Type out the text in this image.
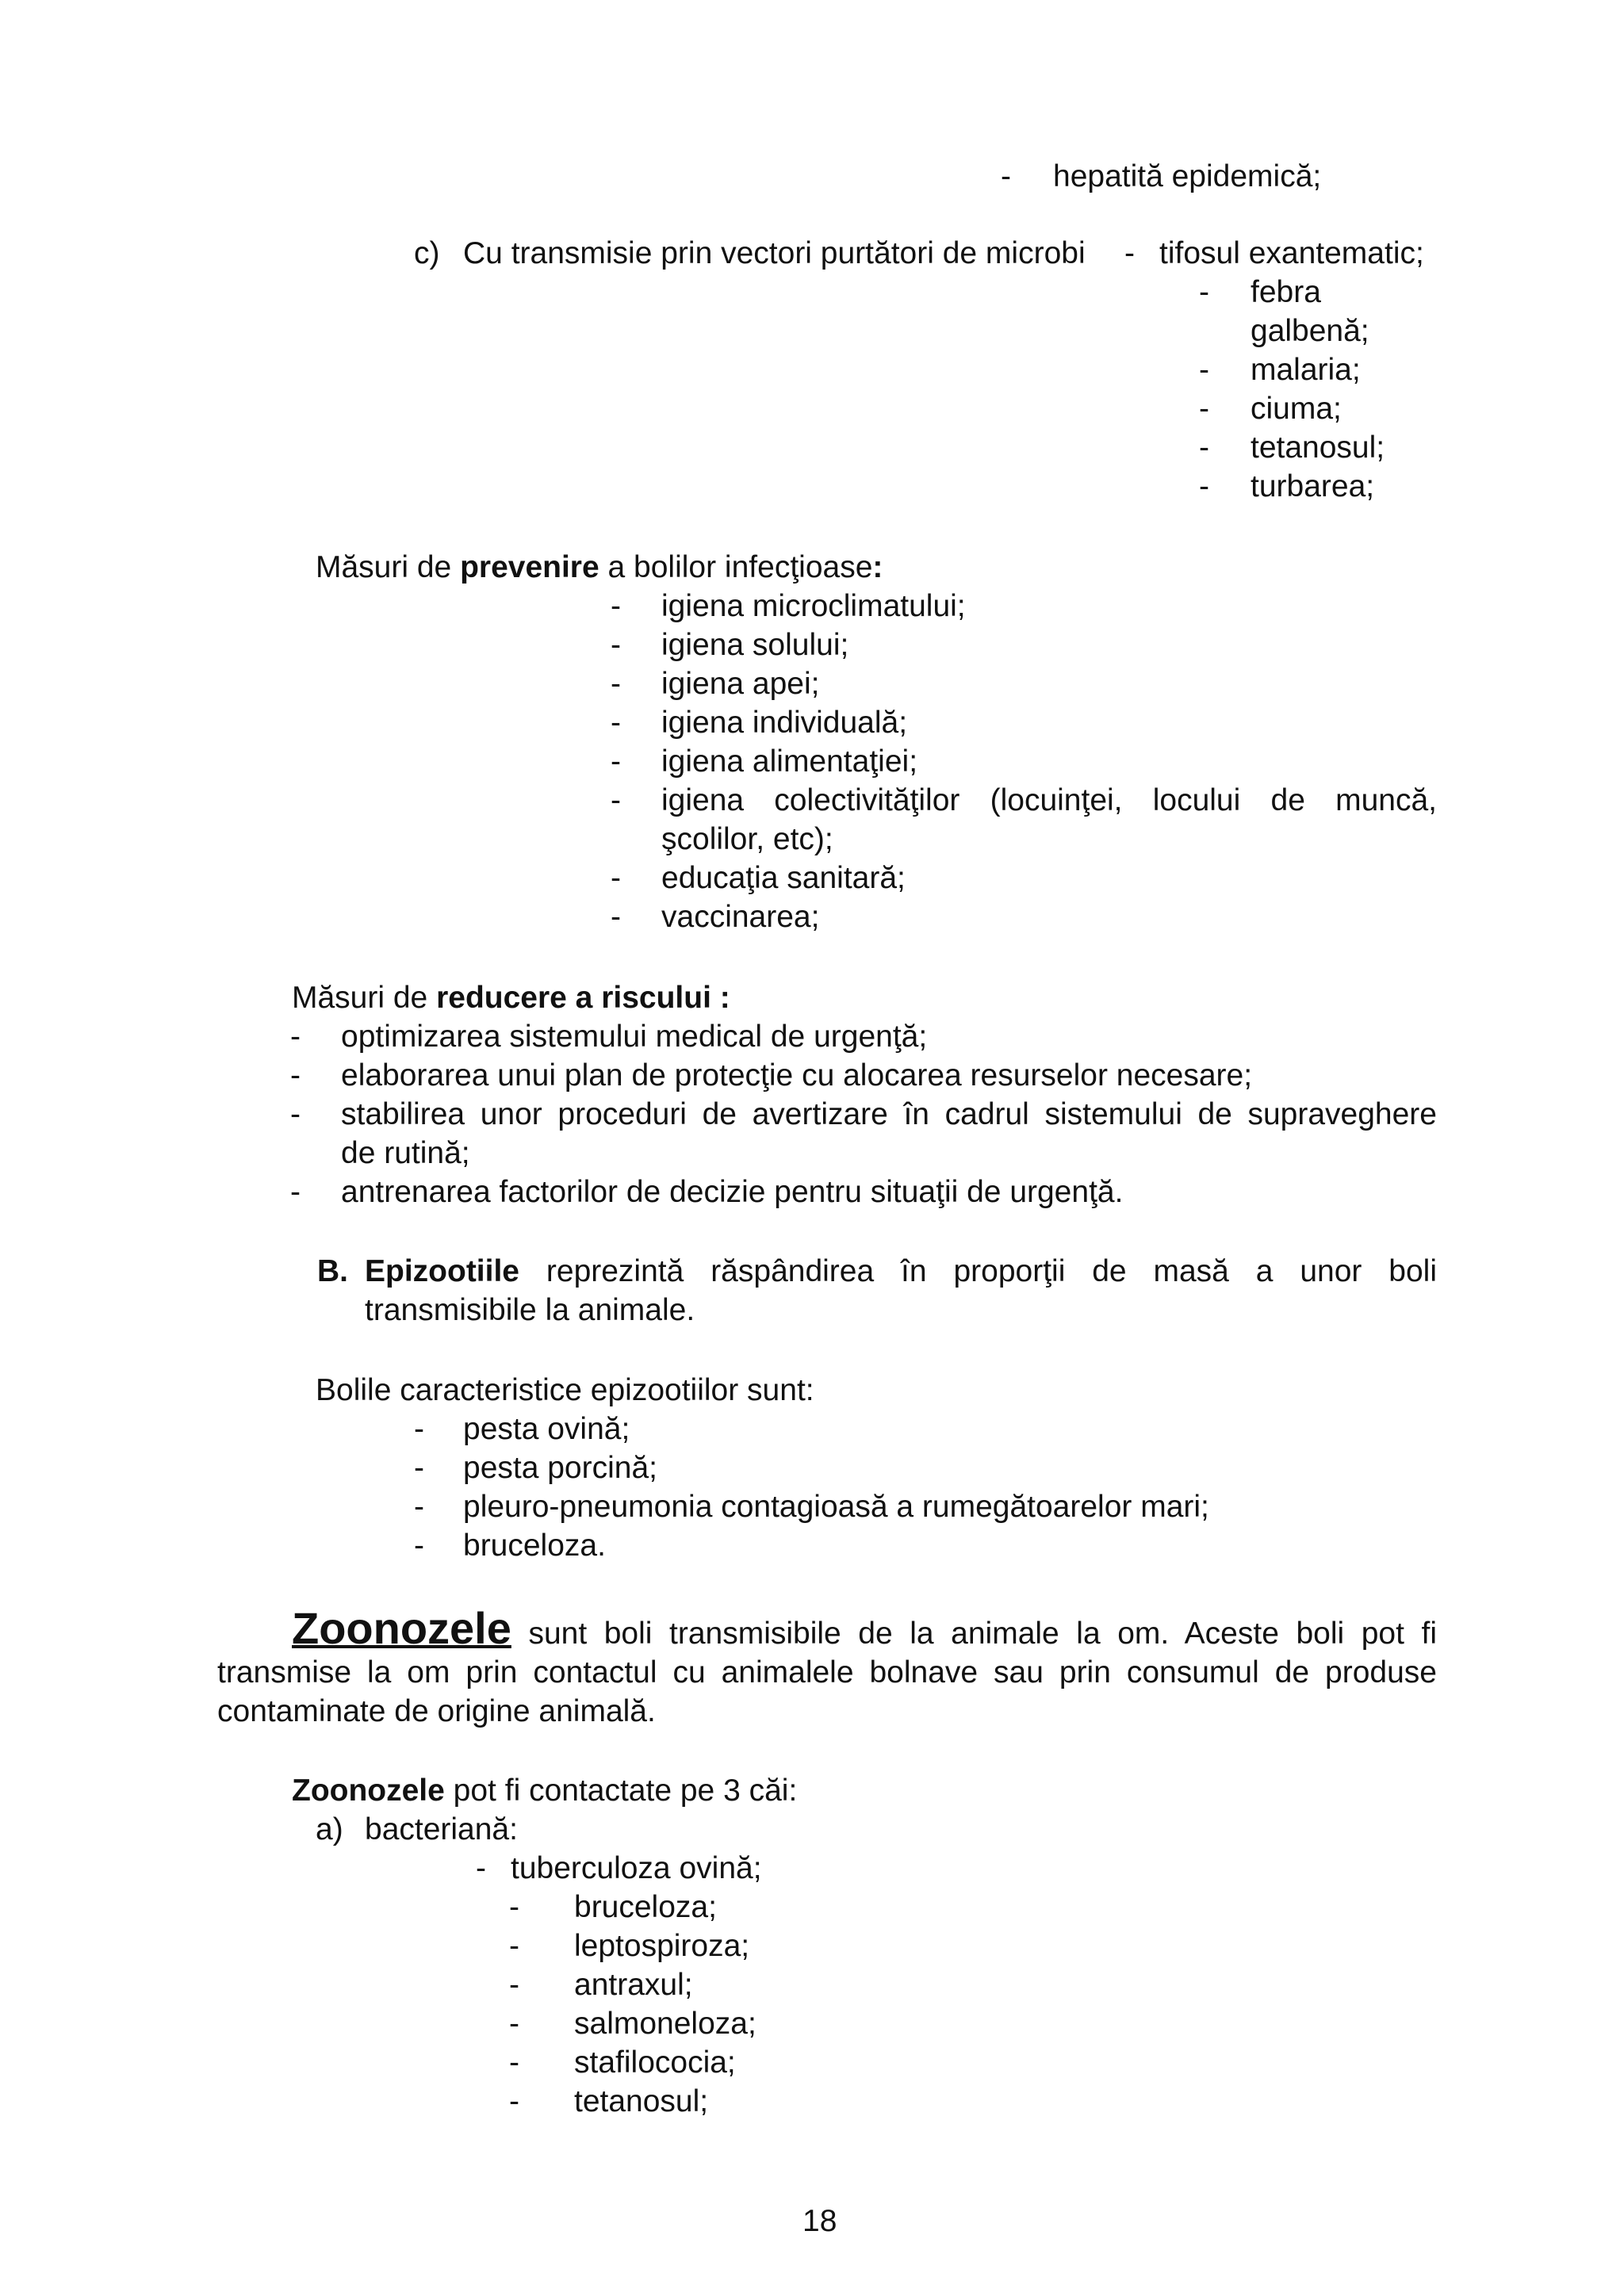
- hepatită epidemică;
c) Cu transmisie prin vectori purtători de microbi - tifosul exantematic;
- febra
galbenă;
- malaria;
- ciuma;
- tetanosul;
- turbarea;
Măsuri de prevenire a bolilor infecţioase:
- igiena microclimatului;
- igiena solului;
- igiena apei;
- igiena individuală;
- igiena alimentaţiei;
- igiena colectivităţilor (locuinţei, locului de muncă,
şcolilor, etc);
- educaţia sanitară;
- vaccinarea;
Măsuri de reducere a riscului :
- optimizarea sistemului medical de urgenţă;
- elaborarea unui plan de protecţie cu alocarea resurselor necesare;
- stabilirea unor proceduri de avertizare în cadrul sistemului de supraveghere
de rutină;
- antrenarea factorilor de decizie pentru situaţii de urgenţă.
B. Epizootiile reprezintă răspândirea în proporţii de masă a unor boli
transmisibile la animale.
Bolile caracteristice epizootiilor sunt:
- pesta ovină;
- pesta porcină;
- pleuro-pneumonia contagioasă a rumegătoarelor mari;
- bruceloza.
Zoonozele sunt boli transmisibile de la animale la om. Aceste boli pot fi
transmise la om prin contactul cu animalele bolnave sau prin consumul de produse
contaminate de origine animală.
Zoonozele pot fi contactate pe 3 căi:
a) bacteriană:
- tuberculoza ovină;
- bruceloza;
- leptospiroza;
- antraxul;
- salmoneloza;
- stafilococia;
- tetanosul;
18
